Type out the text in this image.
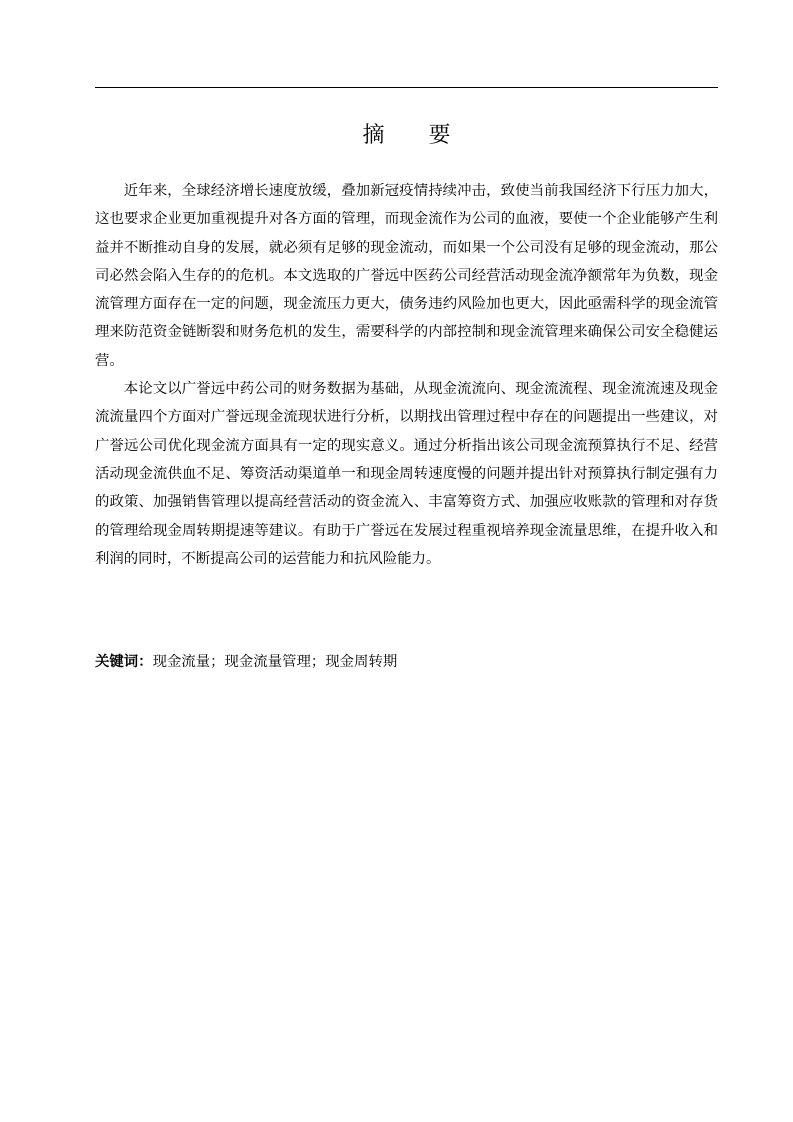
摘　　要

近年来，全球经济增长速度放缓，叠加新冠疫情持续冲击，致使当前我国经济下行压力加大，这也要求企业更加重视提升对各方面的管理，而现金流作为公司的血液，要使一个企业能够产生利益并不断推动自身的发展，就必须有足够的现金流动，而如果一个公司没有足够的现金流动，那公司必然会陷入生存的的危机。本文选取的广誉远中医药公司经营活动现金流净额常年为负数，现金流管理方面存在一定的问题，现金流压力更大，债务违约风险加也更大，因此亟需科学的现金流管理来防范资金链断裂和财务危机的发生，需要科学的内部控制和现金流管理来确保公司安全稳健运营。

本论文以广誉远中药公司的财务数据为基础，从现金流流向、现金流流程、现金流流速及现金流流量四个方面对广誉远现金流现状进行分析，以期找出管理过程中存在的问题提出一些建议，对广誉远公司优化现金流方面具有一定的现实意义。通过分析指出该公司现金流预算执行不足、经营活动现金流供血不足、筹资活动渠道单一和现金周转速度慢的问题并提出针对预算执行制定强有力的政策、加强销售管理以提高经营活动的资金流入、丰富筹资方式、加强应收账款的管理和对存货的管理给现金周转期提速等建议。有助于广誉远在发展过程重视培养现金流量思维，在提升收入和利润的同时，不断提高公司的运营能力和抗风险能力。

关键词：现金流量；现金流量管理；现金周转期
